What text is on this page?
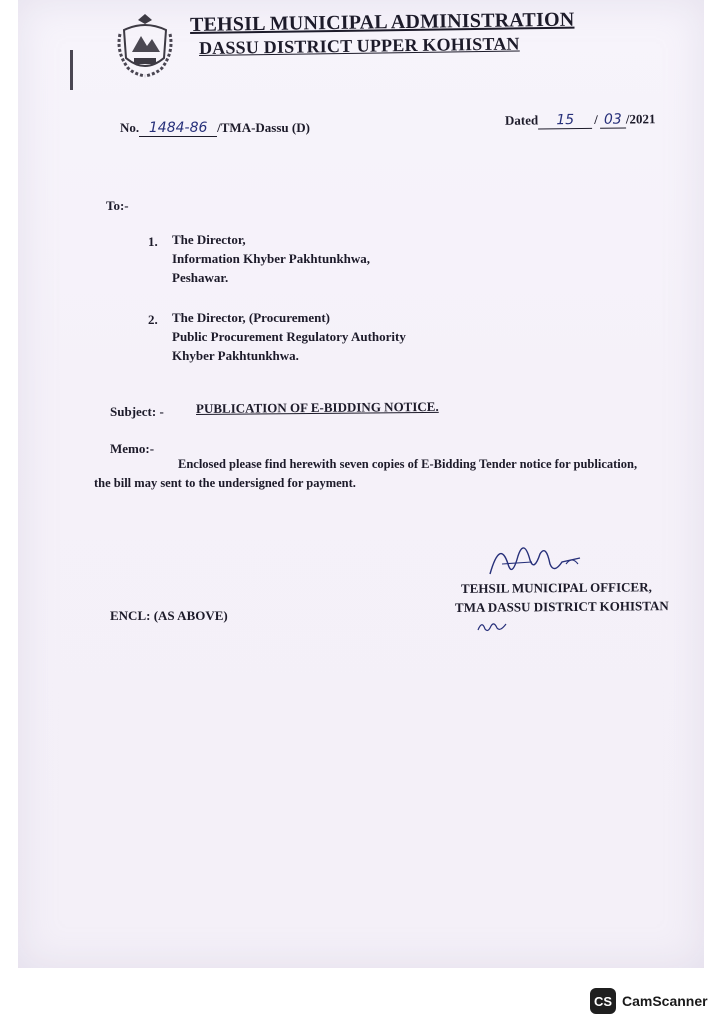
TEHSIL MUNICIPAL ADMINISTRATION
DASSU DISTRICT UPPER KOHISTAN
No. 1484-86 /TMA-Dassu (D)	Dated 15 / 03 /2021
To:-
1. The Director,
Information Khyber Pakhtunkhwa,
Peshawar.
2. The Director, (Procurement)
Public Procurement Regulatory Authority
Khyber Pakhtunkhwa.
Subject: - PUBLICATION OF E-BIDDING NOTICE.
Memo:-
Enclosed please find herewith seven copies of E-Bidding Tender notice for publication,
the bill may sent to the undersigned for payment.
TEHSIL MUNICIPAL OFFICER,
TMA DASSU DISTRICT KOHISTAN
ENCL: (AS ABOVE)
CS CamScanner
